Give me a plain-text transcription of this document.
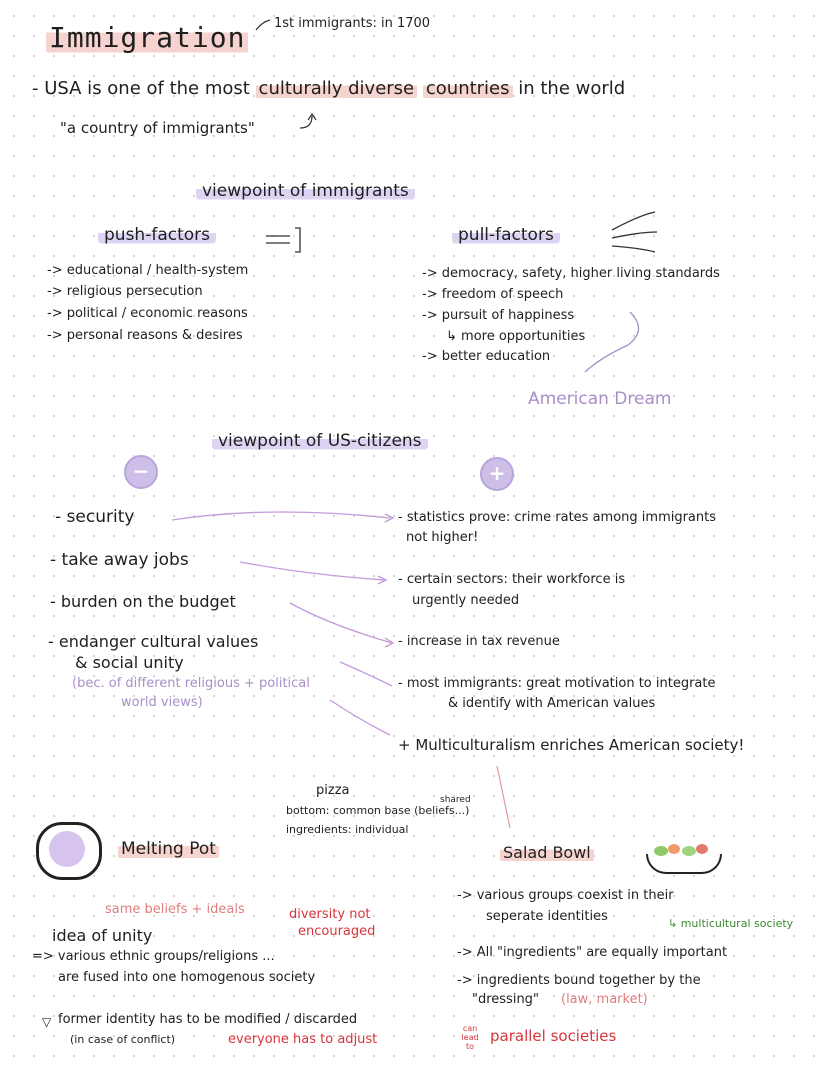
Immigration 1st immigrants: in 1700
- USA is one of the most culturally diverse countries in the world
"a country of immigrants"
viewpoint of immigrants
push-factors
-> educational / health-system
-> religious persecution
-> political / economic reasons
-> personal reasons & desires
pull-factors
-> democracy, safety, higher living standards
-> freedom of speech
-> pursuit of happiness
↳ more opportunities
-> better education
American Dream
viewpoint of US-citizens
−	+
- security
- take away jobs
- burden on the budget
- endanger cultural values
& social unity
(bec. of different religious + political
world views)
- statistics prove: crime rates among immigrants
not higher!
- certain sectors: their workforce is
urgently needed
- increase in tax revenue
- most immigrants: great motivation to integrate
& identify with American values
+ Multiculturalism enriches American society!
pizza
shared
bottom: common base (beliefs...)
ingredients: individual
Melting Pot
same beliefs + ideals	diversity not
encouraged
idea of unity
=> various ethnic groups/religions ...
are fused into one homogenous society
former identity has to be modified / discarded
(in case of conflict)	everyone has to adjust
▽
Salad Bowl
-> various groups coexist in their
seperate identities	↳ multicultural society
-> All "ingredients" are equally important
-> ingredients bound together by the
"dressing" (law, market)
can lead to
parallel societies
